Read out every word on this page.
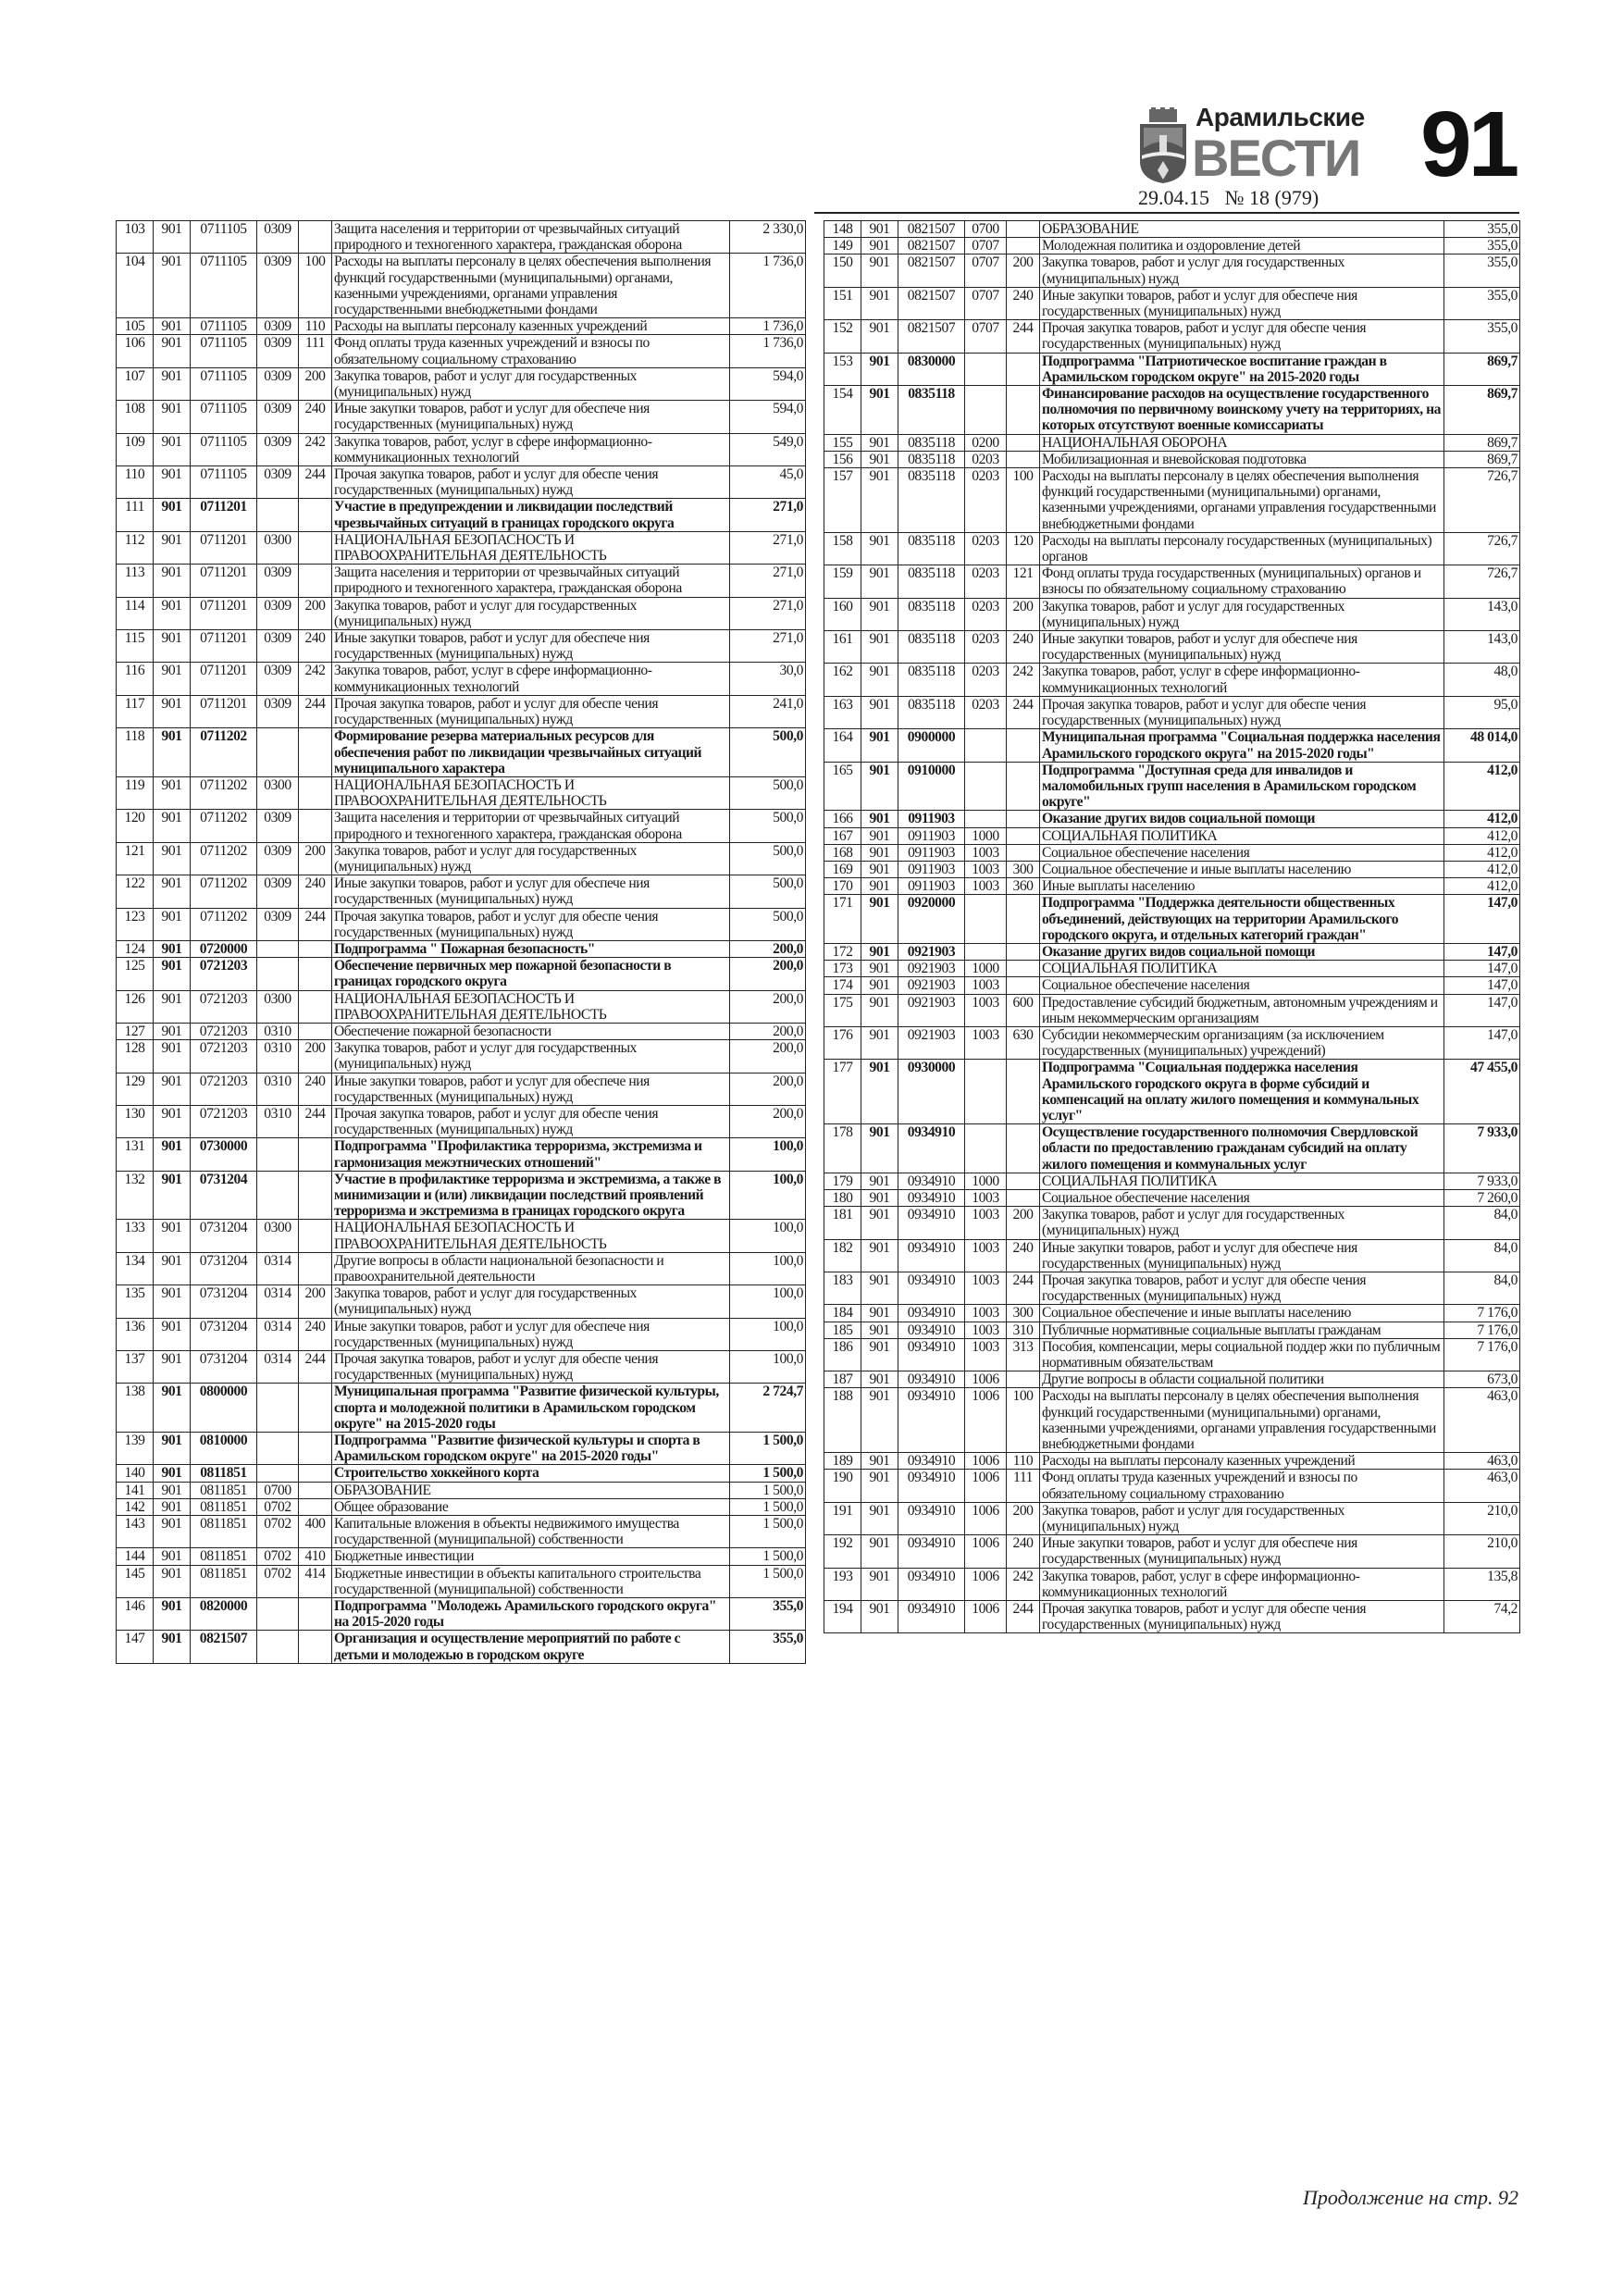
Арамильские
ВЕСТИ 91
29.04.15   № 18 (979)
103	901	0711105	0309		Защита населения и территории от чрезвычайных ситуаций природного и техногенного характера, гражданская оборона	2 330,0
104	901	0711105	0309	100	Расходы на выплаты персоналу в целях обеспечения выполнения функций государственными (муниципальными) органами, казенными учреждениями, органами управления государственными внебюджетными фондами	1 736,0
105	901	0711105	0309	110	Расходы на выплаты персоналу казенных учреждений	1 736,0
106	901	0711105	0309	111	Фонд оплаты труда казенных учреждений и взносы по обязательному социальному страхованию	1 736,0
107	901	0711105	0309	200	Закупка товаров, работ и услуг для государственных (муниципальных) нужд	594,0
108	901	0711105	0309	240	Иные закупки товаров, работ и услуг для обеспече ния государственных (муниципальных) нужд	594,0
109	901	0711105	0309	242	Закупка товаров, работ, услуг в сфере информационно-коммуникационных технологий	549,0
110	901	0711105	0309	244	Прочая закупка товаров, работ и услуг для обеспе чения государственных (муниципальных) нужд	45,0
111	901	0711201			Участие в предупреждении и ликвидации последствий чрезвычайных ситуаций в границах городского округа	271,0
112	901	0711201	0300		НАЦИОНАЛЬНАЯ БЕЗОПАСНОСТЬ И ПРАВООХРАНИТЕЛЬНАЯ ДЕЯТЕЛЬНОСТЬ	271,0
113	901	0711201	0309		Защита населения и территории от чрезвычайных ситуаций природного и техногенного характера, гражданская оборона	271,0
114	901	0711201	0309	200	Закупка товаров, работ и услуг для государственных (муниципальных) нужд	271,0
115	901	0711201	0309	240	Иные закупки товаров, работ и услуг для обеспече ния государственных (муниципальных) нужд	271,0
116	901	0711201	0309	242	Закупка товаров, работ, услуг в сфере информационно-коммуникационных технологий	30,0
117	901	0711201	0309	244	Прочая закупка товаров, работ и услуг для обеспе чения государственных (муниципальных) нужд	241,0
118	901	0711202			Формирование резерва материальных ресурсов для обеспечения работ по ликвидации чрезвычайных ситуаций муниципального характера	500,0
119	901	0711202	0300		НАЦИОНАЛЬНАЯ БЕЗОПАСНОСТЬ И ПРАВООХРАНИТЕЛЬНАЯ ДЕЯТЕЛЬНОСТЬ	500,0
120	901	0711202	0309		Защита населения и территории от чрезвычайных ситуаций природного и техногенного характера, гражданская оборона	500,0
121	901	0711202	0309	200	Закупка товаров, работ и услуг для государственных (муниципальных) нужд	500,0
122	901	0711202	0309	240	Иные закупки товаров, работ и услуг для обеспече ния государственных (муниципальных) нужд	500,0
123	901	0711202	0309	244	Прочая закупка товаров, работ и услуг для обеспе чения государственных (муниципальных) нужд	500,0
124	901	0720000			Подпрограмма " Пожарная безопасность"	200,0
125	901	0721203			Обеспечение первичных мер пожарной безопасности в границах городского округа	200,0
126	901	0721203	0300		НАЦИОНАЛЬНАЯ БЕЗОПАСНОСТЬ И ПРАВООХРАНИТЕЛЬНАЯ ДЕЯТЕЛЬНОСТЬ	200,0
127	901	0721203	0310		Обеспечение пожарной безопасности	200,0
128	901	0721203	0310	200	Закупка товаров, работ и услуг для государственных (муниципальных) нужд	200,0
129	901	0721203	0310	240	Иные закупки товаров, работ и услуг для обеспече ния государственных (муниципальных) нужд	200,0
130	901	0721203	0310	244	Прочая закупка товаров, работ и услуг для обеспе чения государственных (муниципальных) нужд	200,0
131	901	0730000			Подпрограмма "Профилактика терроризма, экстремизма и гармонизация межэтнических отношений"	100,0
132	901	0731204			Участие в профилактике терроризма и экстремизма, а также в минимизации и (или) ликвидации последствий проявлений терроризма и экстремизма в границах городского округа	100,0
133	901	0731204	0300		НАЦИОНАЛЬНАЯ БЕЗОПАСНОСТЬ И ПРАВООХРАНИТЕЛЬНАЯ ДЕЯТЕЛЬНОСТЬ	100,0
134	901	0731204	0314		Другие вопросы в области национальной безопасности и правоохранительной деятельности	100,0
135	901	0731204	0314	200	Закупка товаров, работ и услуг для государственных (муниципальных) нужд	100,0
136	901	0731204	0314	240	Иные закупки товаров, работ и услуг для обеспече ния государственных (муниципальных) нужд	100,0
137	901	0731204	0314	244	Прочая закупка товаров, работ и услуг для обеспе чения государственных (муниципальных) нужд	100,0
138	901	0800000			Муниципальная программа "Развитие физической культуры, спорта и молодежной политики в Арамильском городском округе" на 2015-2020 годы	2 724,7
139	901	0810000			Подпрограмма "Развитие физической культуры и спорта в Арамильском городском округе" на 2015-2020 годы"	1 500,0
140	901	0811851			Строительство хоккейного корта	1 500,0
141	901	0811851	0700		ОБРАЗОВАНИЕ	1 500,0
142	901	0811851	0702		Общее образование	1 500,0
143	901	0811851	0702	400	Капитальные вложения в объекты недвижимого имущества государственной (муниципальной) собственности	1 500,0
144	901	0811851	0702	410	Бюджетные инвестиции	1 500,0
145	901	0811851	0702	414	Бюджетные инвестиции в объекты капитального строительства государственной (муниципальной) собственности	1 500,0
146	901	0820000			Подпрограмма "Молодежь Арамильского городского округа" на 2015-2020 годы	355,0
147	901	0821507			Организация и осуществление мероприятий по работе с детьми и молодежью в городском округе	355,0
148	901	0821507	0700		ОБРАЗОВАНИЕ	355,0
149	901	0821507	0707		Молодежная политика и оздоровление детей	355,0
150	901	0821507	0707	200	Закупка товаров, работ и услуг для государственных (муниципальных) нужд	355,0
151	901	0821507	0707	240	Иные закупки товаров, работ и услуг для обеспече ния государственных (муниципальных) нужд	355,0
152	901	0821507	0707	244	Прочая закупка товаров, работ и услуг для обеспе чения государственных (муниципальных) нужд	355,0
153	901	0830000			Подпрограмма "Патриотическое воспитание граждан в Арамильском городском округе" на 2015-2020 годы	869,7
154	901	0835118			Финансирование расходов на осуществление государственного полномочия по первичному воинскому учету на территориях, на которых отсутствуют военные комиссариаты	869,7
155	901	0835118	0200		НАЦИОНАЛЬНАЯ ОБОРОНА	869,7
156	901	0835118	0203		Мобилизационная и вневойсковая подготовка	869,7
157	901	0835118	0203	100	Расходы на выплаты персоналу в целях обеспечения выполнения функций государственными (муниципальными) органами, казенными учреждениями, органами управления государственными внебюджетными фондами	726,7
158	901	0835118	0203	120	Расходы на выплаты персоналу государственных (муниципальных) органов	726,7
159	901	0835118	0203	121	Фонд оплаты труда государственных (муниципальных) органов и взносы по обязательному социальному страхованию	726,7
160	901	0835118	0203	200	Закупка товаров, работ и услуг для государственных (муниципальных) нужд	143,0
161	901	0835118	0203	240	Иные закупки товаров, работ и услуг для обеспече ния государственных (муниципальных) нужд	143,0
162	901	0835118	0203	242	Закупка товаров, работ, услуг в сфере информационно-коммуникационных технологий	48,0
163	901	0835118	0203	244	Прочая закупка товаров, работ и услуг для обеспе чения государственных (муниципальных) нужд	95,0
164	901	0900000			Муниципальная программа "Социальная поддержка населения Арамильского городского округа" на 2015-2020 годы"	48 014,0
165	901	0910000			Подпрограмма "Доступная среда для инвалидов и маломобильных групп населения в Арамильском городском округе"	412,0
166	901	0911903			Оказание других видов социальной помощи	412,0
167	901	0911903	1000		СОЦИАЛЬНАЯ ПОЛИТИКА	412,0
168	901	0911903	1003		Социальное обеспечение населения	412,0
169	901	0911903	1003	300	Социальное обеспечение и иные выплаты населению	412,0
170	901	0911903	1003	360	Иные выплаты населению	412,0
171	901	0920000			Подпрограмма "Поддержка деятельности общественных объединений, действующих на территории Арамильского городского округа, и отдельных категорий граждан"	147,0
172	901	0921903			Оказание других видов социальной помощи	147,0
173	901	0921903	1000		СОЦИАЛЬНАЯ ПОЛИТИКА	147,0
174	901	0921903	1003		Социальное обеспечение населения	147,0
175	901	0921903	1003	600	Предоставление субсидий бюджетным, автономным учреждениям и иным некоммерческим организациям	147,0
176	901	0921903	1003	630	Субсидии некоммерческим организациям (за исключением государственных (муниципальных) учреждений)	147,0
177	901	0930000			Подпрограмма "Социальная поддержка населения Арамильского городского округа в форме субсидий и компенсаций на оплату жилого помещения и коммунальных услуг"	47 455,0
178	901	0934910			Осуществление государственного полномочия Свердловской области по предоставлению гражданам субсидий на оплату жилого помещения и коммунальных услуг	7 933,0
179	901	0934910	1000		СОЦИАЛЬНАЯ ПОЛИТИКА	7 933,0
180	901	0934910	1003		Социальное обеспечение населения	7 260,0
181	901	0934910	1003	200	Закупка товаров, работ и услуг для государственных (муниципальных) нужд	84,0
182	901	0934910	1003	240	Иные закупки товаров, работ и услуг для обеспече ния государственных (муниципальных) нужд	84,0
183	901	0934910	1003	244	Прочая закупка товаров, работ и услуг для обеспе чения государственных (муниципальных) нужд	84,0
184	901	0934910	1003	300	Социальное обеспечение и иные выплаты населению	7 176,0
185	901	0934910	1003	310	Публичные нормативные социальные выплаты гражданам	7 176,0
186	901	0934910	1003	313	Пособия, компенсации, меры социальной поддер жки по публичным нормативным обязательствам	7 176,0
187	901	0934910	1006		Другие вопросы в области социальной политики	673,0
188	901	0934910	1006	100	Расходы на выплаты персоналу в целях обеспечения выполнения функций государственными (муниципальными) органами, казенными учреждениями, органами управления государственными внебюджетными фондами	463,0
189	901	0934910	1006	110	Расходы на выплаты персоналу казенных учреждений	463,0
190	901	0934910	1006	111	Фонд оплаты труда казенных учреждений и взносы по обязательному социальному страхованию	463,0
191	901	0934910	1006	200	Закупка товаров, работ и услуг для государственных (муниципальных) нужд	210,0
192	901	0934910	1006	240	Иные закупки товаров, работ и услуг для обеспече ния государственных (муниципальных) нужд	210,0
193	901	0934910	1006	242	Закупка товаров, работ, услуг в сфере информационно-коммуникационных технологий	135,8
194	901	0934910	1006	244	Прочая закупка товаров, работ и услуг для обеспе чения государственных (муниципальных) нужд	74,2
Продолжение на стр. 92
